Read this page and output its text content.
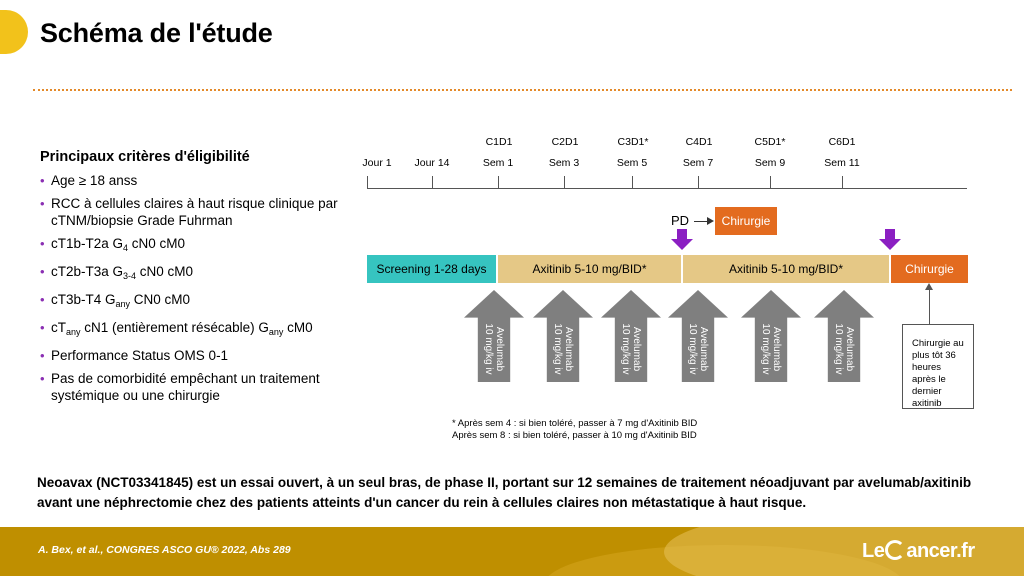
Schéma de l'étude
Principaux critères d'éligibilité
• Age ≥ 18 anss
• RCC à cellules claires à haut risque clinique par cTNM/biopsie Grade Fuhrman
• cT1b-T2a $G_4$ cN0 cM0
• cT2b-T3a $G_{3-4}$ cN0 cM0
• cT3b-T4 $G_{any}$ CN0 cM0
• $cT_{any}$ cN1 (entièrement résécable) $G_{any}$ cM0
• Performance Status OMS 0-1
• Pas de comorbidité empêchant un traitement systémique ou une chirurgie
C1D1	C2D1	C3D1*	C4D1	C5D1*	C6D1
Jour 1 Jour 14	Sem 1	Sem 3	Sem 5	Sem 7	Sem 9	Sem 11
PD	Chirurgie
Screening 1-28 days	Axitinib 5-10 mg/BID*	Axitinib 5-10 mg/BID*	Chirurgie
Avelumab
10 mg/kg iv	Avelumab
10 mg/kg iv	Avelumab
10 mg/kg iv	Avelumab
10 mg/kg iv	Avelumab
10 mg/kg iv	Avelumab
10 mg/kg iv	Chirurgie au plus tôt 36 heures après le dernier axitinib
* Après sem 4 : si bien toléré, passer à 7 mg d'Axitinib BID
Après sem 8 : si bien toléré, passer à 10 mg d'Axitinib BID

Neoavax (NCT03341845) est un essai ouvert, à un seul bras, de phase II, portant sur 12 semaines de traitement néoadjuvant par avelumab/axitinib avant une néphrectomie chez des patients atteints d'un cancer du rein à cellules claires non métastatique à haut risque.

A. Bex, et al., CONGRES ASCO GU® 2022, Abs 289	Le ancer.fr
